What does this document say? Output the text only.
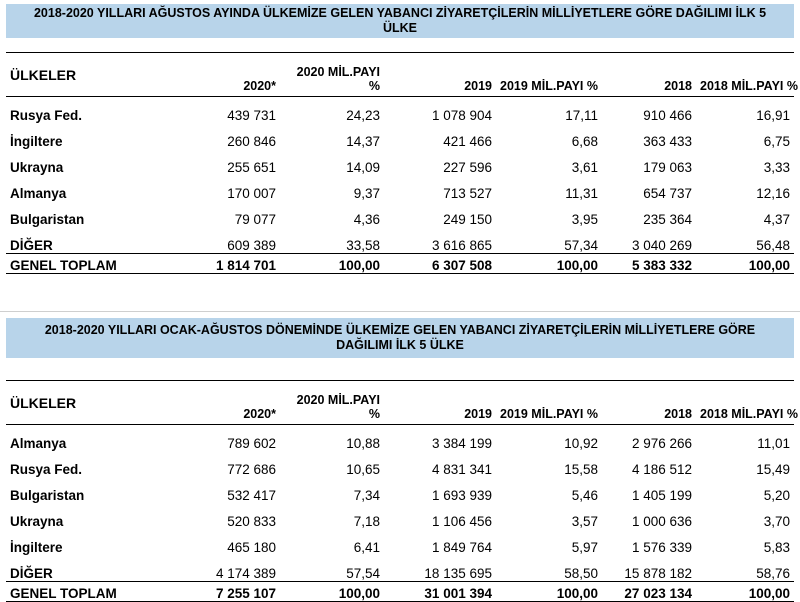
2018-2020 YILLARI AĞUSTOS AYINDA ÜLKEMİZE GELEN YABANCI ZİYARETÇİLERİN MİLLİYETLERE GÖRE DAĞILIMI İLK 5 ÜLKE
ÜLKELER	2020*	2020 MİL.PAYI %	2019	2019 MİL.PAYI %	2018	2018 MİL.PAYI %
Rusya Fed.	439 731	24,23	1 078 904	17,11	910 466	16,91
İngiltere	260 846	14,37	421 466	6,68	363 433	6,75
Ukrayna	255 651	14,09	227 596	3,61	179 063	3,33
Almanya	170 007	9,37	713 527	11,31	654 737	12,16
Bulgaristan	79 077	4,36	249 150	3,95	235 364	4,37
DİĞER	609 389	33,58	3 616 865	57,34	3 040 269	56,48
GENEL TOPLAM	1 814 701	100,00	6 307 508	100,00	5 383 332	100,00
2018-2020 YILLARI OCAK-AĞUSTOS DÖNEMİNDE ÜLKEMİZE GELEN YABANCI ZİYARETÇİLERİN MİLLİYETLERE GÖRE DAĞILIMI İLK 5 ÜLKE
ÜLKELER	2020*	2020 MİL.PAYI %	2019	2019 MİL.PAYI %	2018	2018 MİL.PAYI %
Almanya	789 602	10,88	3 384 199	10,92	2 976 266	11,01
Rusya Fed.	772 686	10,65	4 831 341	15,58	4 186 512	15,49
Bulgaristan	532 417	7,34	1 693 939	5,46	1 405 199	5,20
Ukrayna	520 833	7,18	1 106 456	3,57	1 000 636	3,70
İngiltere	465 180	6,41	1 849 764	5,97	1 576 339	5,83
DİĞER	4 174 389	57,54	18 135 695	58,50	15 878 182	58,76
GENEL TOPLAM	7 255 107	100,00	31 001 394	100,00	27 023 134	100,00
